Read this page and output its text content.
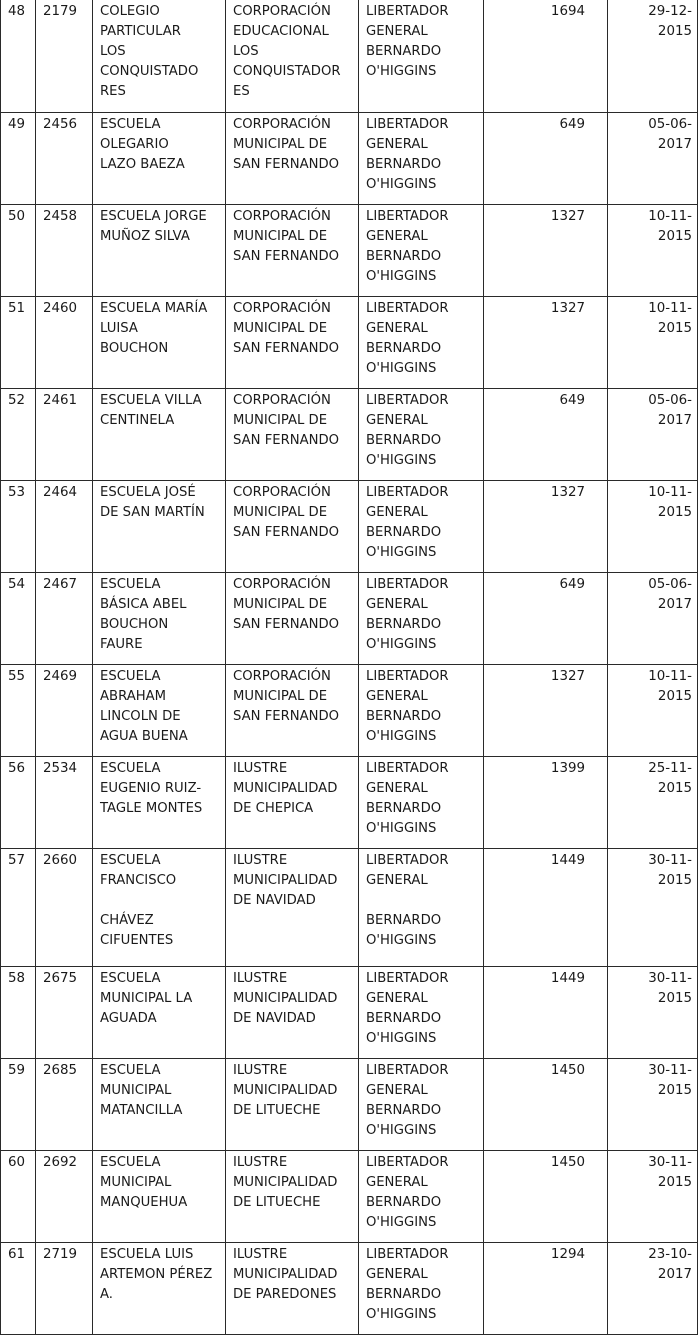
48	2179	COLEGIO
PARTICULAR
LOS
CONQUISTADO
RES	CORPORACIÓN
EDUCACIONAL
LOS
CONQUISTADOR
ES	LIBERTADOR
GENERAL
BERNARDO
O'HIGGINS	1694	29-12-2015
49	2456	ESCUELA
OLEGARIO
LAZO BAEZA	CORPORACIÓN
MUNICIPAL DE
SAN FERNANDO	LIBERTADOR
GENERAL
BERNARDO
O'HIGGINS	649	05-06-2017
50	2458	ESCUELA JORGE
MUÑOZ SILVA	CORPORACIÓN
MUNICIPAL DE
SAN FERNANDO	LIBERTADOR
GENERAL
BERNARDO
O'HIGGINS	1327	10-11-2015
51	2460	ESCUELA MARÍA
LUISA
BOUCHON	CORPORACIÓN
MUNICIPAL DE
SAN FERNANDO	LIBERTADOR
GENERAL
BERNARDO
O'HIGGINS	1327	10-11-2015
52	2461	ESCUELA VILLA
CENTINELA	CORPORACIÓN
MUNICIPAL DE
SAN FERNANDO	LIBERTADOR
GENERAL
BERNARDO
O'HIGGINS	649	05-06-2017
53	2464	ESCUELA JOSÉ
DE SAN MARTÍN	CORPORACIÓN
MUNICIPAL DE
SAN FERNANDO	LIBERTADOR
GENERAL
BERNARDO
O'HIGGINS	1327	10-11-2015
54	2467	ESCUELA
BÁSICA ABEL
BOUCHON
FAURE	CORPORACIÓN
MUNICIPAL DE
SAN FERNANDO	LIBERTADOR
GENERAL
BERNARDO
O'HIGGINS	649	05-06-2017
55	2469	ESCUELA
ABRAHAM
LINCOLN DE
AGUA BUENA	CORPORACIÓN
MUNICIPAL DE
SAN FERNANDO	LIBERTADOR
GENERAL
BERNARDO
O'HIGGINS	1327	10-11-2015
56	2534	ESCUELA
EUGENIO RUIZ-
TAGLE MONTES	ILUSTRE
MUNICIPALIDAD
DE CHEPICA	LIBERTADOR
GENERAL
BERNARDO
O'HIGGINS	1399	25-11-2015
57	2660	ESCUELA
FRANCISCO
CHÁVEZ
CIFUENTES	ILUSTRE
MUNICIPALIDAD
DE NAVIDAD	LIBERTADOR
GENERAL
BERNARDO
O'HIGGINS	1449	30-11-2015
58	2675	ESCUELA
MUNICIPAL LA
AGUADA	ILUSTRE
MUNICIPALIDAD
DE NAVIDAD	LIBERTADOR
GENERAL
BERNARDO
O'HIGGINS	1449	30-11-2015
59	2685	ESCUELA
MUNICIPAL
MATANCILLA	ILUSTRE
MUNICIPALIDAD
DE LITUECHE	LIBERTADOR
GENERAL
BERNARDO
O'HIGGINS	1450	30-11-2015
60	2692	ESCUELA
MUNICIPAL
MANQUEHUA	ILUSTRE
MUNICIPALIDAD
DE LITUECHE	LIBERTADOR
GENERAL
BERNARDO
O'HIGGINS	1450	30-11-2015
61	2719	ESCUELA LUIS
ARTEMON PÉREZ
A.	ILUSTRE
MUNICIPALIDAD
DE PAREDONES	LIBERTADOR
GENERAL
BERNARDO
O'HIGGINS	1294	23-10-2017
